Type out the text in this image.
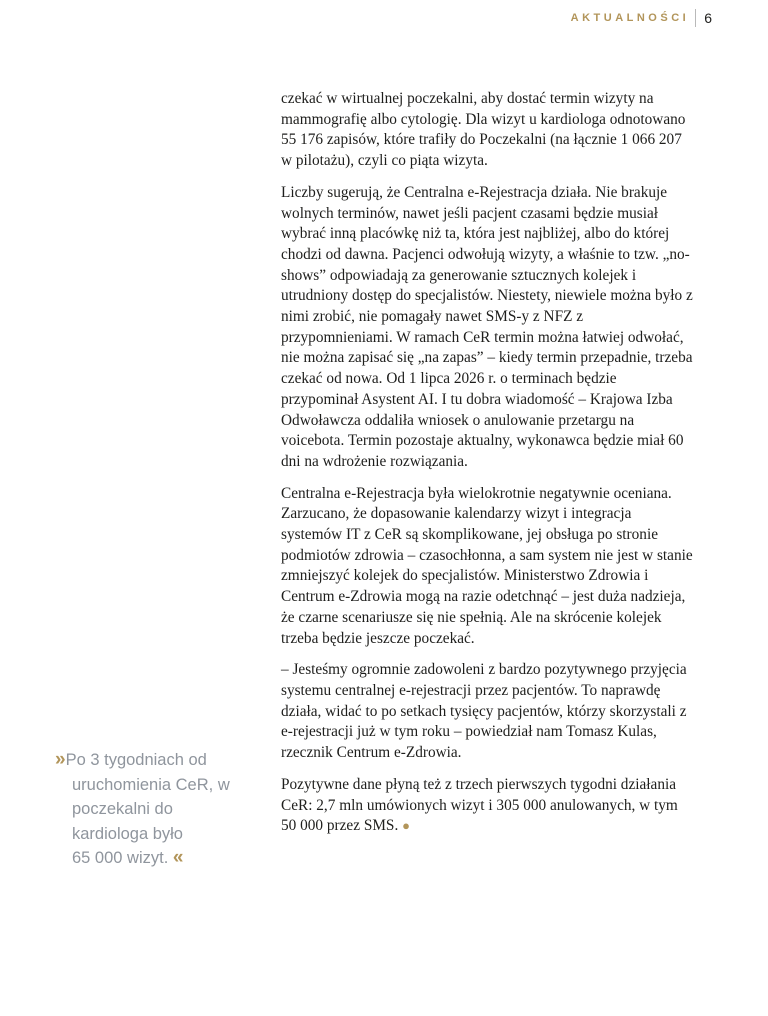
AKTUALNOŚCI 6
»Po 3 tygodniach od uruchomienia CeR, w poczekalni do kardiologa było 65 000 wizyt. «

czekać w wirtualnej poczekalni, aby dostać termin wizyty na mammografię albo cytologię. Dla wizyt u kardiologa odnotowano 55 176 zapisów, które trafiły do Poczekalni (na łącznie 1 066 207 w pilotażu), czyli co piąta wizyta.

Liczby sugerują, że Centralna e-Rejestracja działa. Nie brakuje wolnych terminów, nawet jeśli pacjent czasami będzie musiał wybrać inną placówkę niż ta, która jest najbliżej, albo do której chodzi od dawna. Pacjenci odwołują wizyty, a właśnie to tzw. „no-shows” odpowiadają za generowanie sztucznych kolejek i utrudniony dostęp do specjalistów. Niestety, niewiele można było z nimi zrobić, nie pomagały nawet SMS-y z NFZ z przypomnieniami. W ramach CeR termin można łatwiej odwołać, nie można zapisać się „na zapas” – kiedy termin przepadnie, trzeba czekać od nowa. Od 1 lipca 2026 r. o terminach będzie przypominał Asystent AI. I tu dobra wiadomość – Krajowa Izba Odwoławcza oddaliła wniosek o anulowanie przetargu na voicebota. Termin pozostaje aktualny, wykonawca będzie miał 60 dni na wdrożenie rozwiązania.

Centralna e-Rejestracja była wielokrotnie negatywnie oceniana. Zarzucano, że dopasowanie kalendarzy wizyt i integracja systemów IT z CeR są skomplikowane, jej obsługa po stronie podmiotów zdrowia – czasochłonna, a sam system nie jest w stanie zmniejszyć kolejek do specjalistów. Ministerstwo Zdrowia i Centrum e-Zdrowia mogą na razie odetchnąć – jest duża nadzieja, że czarne scenariusze się nie spełnią. Ale na skrócenie kolejek trzeba będzie jeszcze poczekać.

– Jesteśmy ogromnie zadowoleni z bardzo pozytywnego przyjęcia systemu centralnej e-rejestracji przez pacjentów. To naprawdę działa, widać to po setkach tysięcy pacjentów, którzy skorzystali z e-rejestracji już w tym roku – powiedział nam Tomasz Kulas, rzecznik Centrum e-Zdrowia.

Pozytywne dane płyną też z trzech pierwszych tygodni działania CeR: 2,7 mln umówionych wizyt i 305 000 anulowanych, w tym 50 000 przez SMS. ●
